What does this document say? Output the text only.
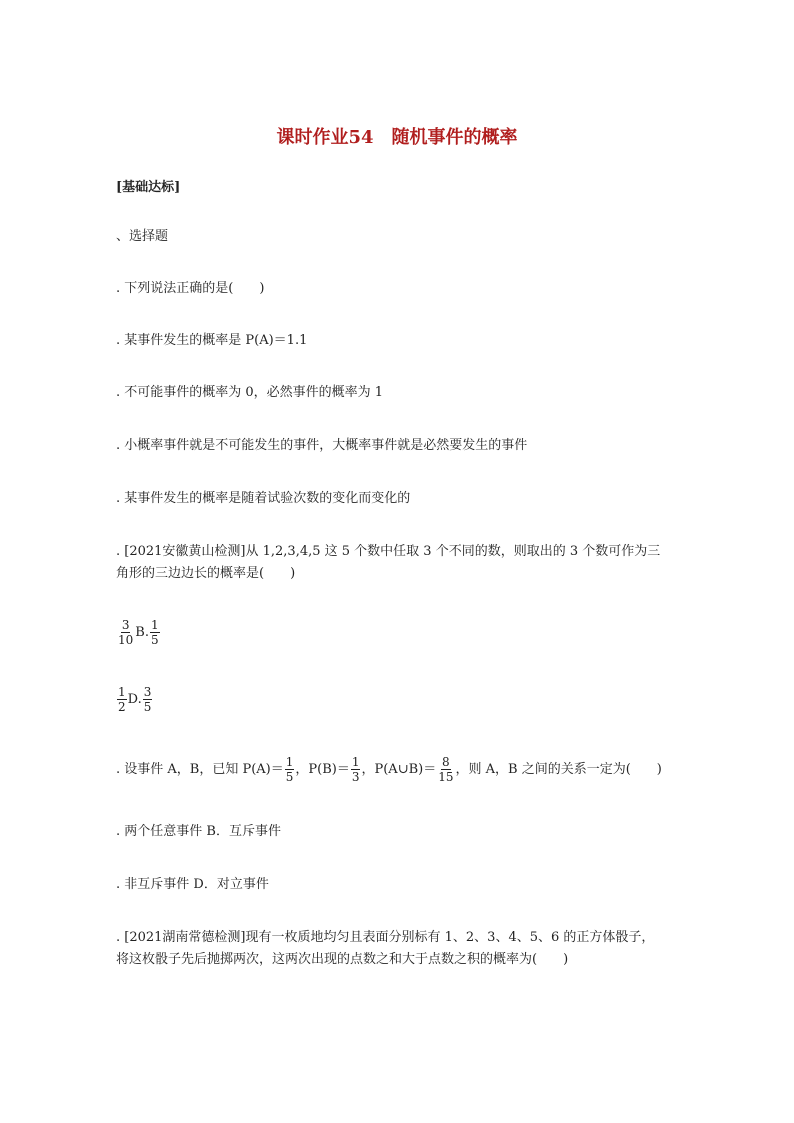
课时作业54　随机事件的概率
[基础达标]
、选择题
. 下列说法正确的是(　　)
. 某事件发生的概率是 P(A)＝1.1
. 不可能事件的概率为 0，必然事件的概率为 1
. 小概率事件就是不可能发生的事件，大概率事件就是必然要发生的事件
. 某事件发生的概率是随着试验次数的变化而变化的
. [2021安徽黄山检测]从 1,2,3,4,5 这 5 个数中任取 3 个不同的数，则取出的 3 个数可作为三
角形的三边边长的概率是(　　)
$\frac{3}{10} B$. $\frac{1}{5}$
$\frac{1}{2} D$. $\frac{3}{5}$
. 设事件 A，B，已知 $P(A)= \frac{1}{5}$ ，$P(B)= \frac{1}{3}$ ，P(A∪B)＝ $\frac{8}{15}$ ，则 A，B 之间的关系一定为(　　)
. 两个任意事件 B．互斥事件
. 非互斥事件 D．对立事件
. [2021湖南常德检测]现有一枚质地均匀且表面分别标有 1、2、3、4、5、6 的正方体骰子，
将这枚骰子先后抛掷两次，这两次出现的点数之和大于点数之积的概率为(　　)
